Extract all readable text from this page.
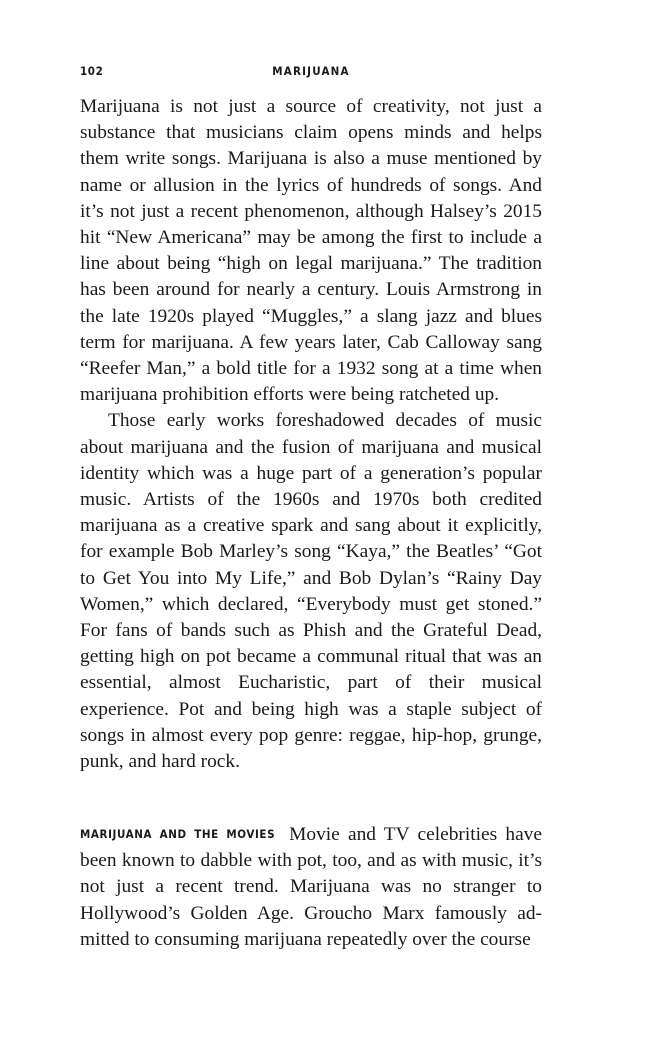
102	MARIJUANA

Marijuana is not just a source of creativity, not just a substance that musicians claim opens minds and helps them write songs. Marijuana is also a muse mentioned by name or allusion in the lyrics of hundreds of songs. And it’s not just a recent phenomenon, although Halsey’s 2015 hit “New Americana” may be among the first to include a line about being “high on legal marijuana.” The tradition has been around for nearly a century. Louis Armstrong in the late 1920s played “Muggles,” a slang jazz and blues term for marijuana. A few years later, Cab Calloway sang “Reefer Man,” a bold title for a 1932 song at a time when marijuana prohibition efforts were being ratcheted up.

Those early works foreshadowed decades of music about marijuana and the fusion of marijuana and musical identity which was a huge part of a generation’s popular music. Artists of the 1960s and 1970s both credited marijuana as a creative spark and sang about it explicitly, for example Bob Marley’s song “Kaya,” the Beatles’ “Got to Get You into My Life,” and Bob Dylan’s “Rainy Day Women,” which declared, “Everybody must get stoned.” For fans of bands such as Phish and the Grateful Dead, getting high on pot became a communal ritual that was an essential, almost Eucharistic, part of their musical experience. Pot and being high was a staple subject of songs in almost every pop genre: reggae, hip-hop, grunge, punk, and hard rock.

MARIJUANA AND THE MOVIES Movie and TV celebrities have been known to dabble with pot, too, and as with music, it’s not just a recent trend. Marijuana was no stranger to Hollywood’s Golden Age. Groucho Marx famously admitted to consuming marijuana repeatedly over the course
